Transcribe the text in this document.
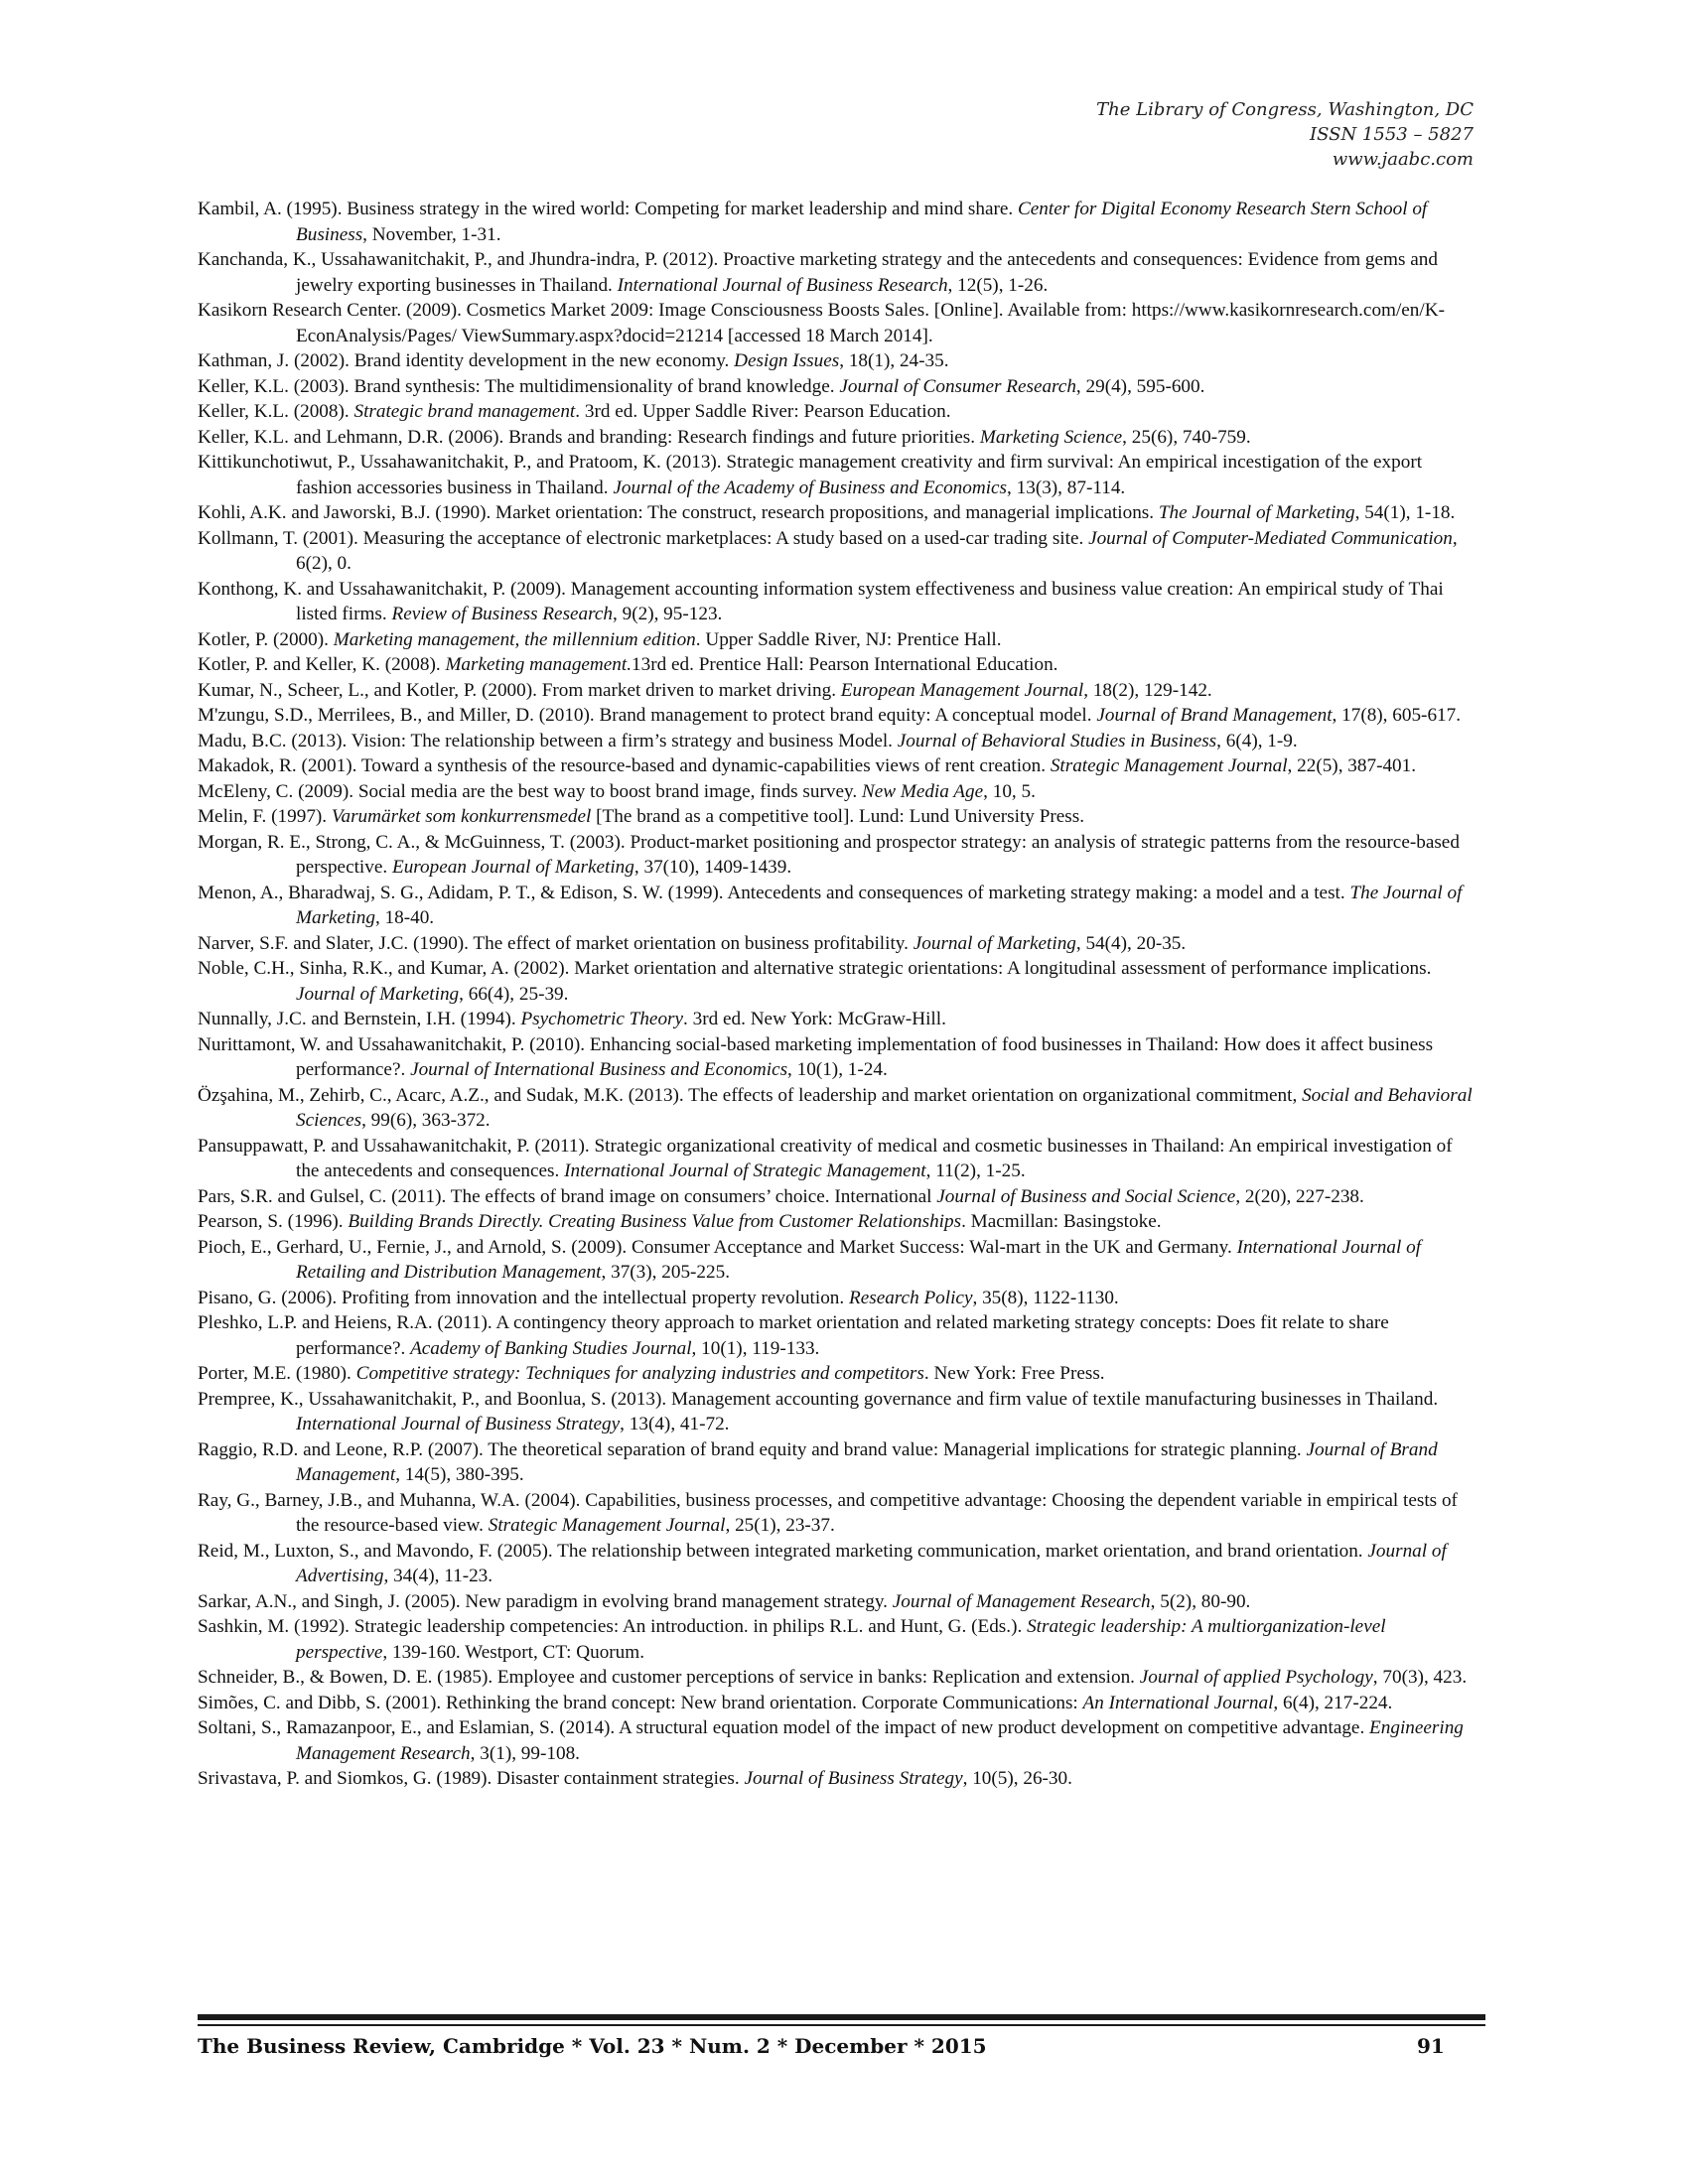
The Library of Congress, Washington, DC
ISSN 1553 – 5827
www.jaabc.com

Kambil, A. (1995). Business strategy in the wired world: Competing for market leadership and mind share. Center for Digital Economy Research Stern School of Business, November, 1-31.

Kanchanda, K., Ussahawanitchakit, P., and Jhundra-indra, P. (2012). Proactive marketing strategy and the antecedents and consequences: Evidence from gems and jewelry exporting businesses in Thailand. International Journal of Business Research, 12(5), 1-26.

Kasikorn Research Center. (2009). Cosmetics Market 2009: Image Consciousness Boosts Sales. [Online]. Available from: https://www.kasikornresearch.com/en/K-EconAnalysis/Pages/ ViewSummary.aspx?docid=21214 [accessed 18 March 2014].

Kathman, J. (2002). Brand identity development in the new economy. Design Issues, 18(1), 24-35.

Keller, K.L. (2003). Brand synthesis: The multidimensionality of brand knowledge. Journal of Consumer Research, 29(4), 595-600.

Keller, K.L. (2008). Strategic brand management. 3rd ed. Upper Saddle River: Pearson Education.

Keller, K.L. and Lehmann, D.R. (2006). Brands and branding: Research findings and future priorities. Marketing Science, 25(6), 740-759.

Kittikunchotiwut, P., Ussahawanitchakit, P., and Pratoom, K. (2013). Strategic management creativity and firm survival: An empirical incestigation of the export fashion accessories business in Thailand. Journal of the Academy of Business and Economics, 13(3), 87-114.

Kohli, A.K. and Jaworski, B.J. (1990). Market orientation: The construct, research propositions, and managerial implications. The Journal of Marketing, 54(1), 1-18.

Kollmann, T. (2001). Measuring the acceptance of electronic marketplaces: A study based on a used-car trading site. Journal of Computer-Mediated Communication, 6(2), 0.

Konthong, K. and Ussahawanitchakit, P. (2009). Management accounting information system effectiveness and business value creation: An empirical study of Thai listed firms. Review of Business Research, 9(2), 95-123.

Kotler, P. (2000). Marketing management, the millennium edition. Upper Saddle River, NJ: Prentice Hall.

Kotler, P. and Keller, K. (2008). Marketing management.13rd ed. Prentice Hall: Pearson International Education.

Kumar, N., Scheer, L., and Kotler, P. (2000). From market driven to market driving. European Management Journal, 18(2), 129-142.

M'zungu, S.D., Merrilees, B., and Miller, D. (2010). Brand management to protect brand equity: A conceptual model. Journal of Brand Management, 17(8), 605-617.

Madu, B.C. (2013). Vision: The relationship between a firm’s strategy and business Model. Journal of Behavioral Studies in Business, 6(4), 1-9.

Makadok, R. (2001). Toward a synthesis of the resource-based and dynamic-capabilities views of rent creation. Strategic Management Journal, 22(5), 387-401.

McEleny, C. (2009). Social media are the best way to boost brand image, finds survey. New Media Age, 10, 5.

Melin, F. (1997). Varumärket som konkurrensmedel [The brand as a competitive tool]. Lund: Lund University Press.

Morgan, R. E., Strong, C. A., & McGuinness, T. (2003). Product-market positioning and prospector strategy: an analysis of strategic patterns from the resource-based perspective. European Journal of Marketing, 37(10), 1409-1439.

Menon, A., Bharadwaj, S. G., Adidam, P. T., & Edison, S. W. (1999). Antecedents and consequences of marketing strategy making: a model and a test. The Journal of Marketing, 18-40.

Narver, S.F. and Slater, J.C. (1990). The effect of market orientation on business profitability. Journal of Marketing, 54(4), 20-35.

Noble, C.H., Sinha, R.K., and Kumar, A. (2002). Market orientation and alternative strategic orientations: A longitudinal assessment of performance implications. Journal of Marketing, 66(4), 25-39.

Nunnally, J.C. and Bernstein, I.H. (1994). Psychometric Theory. 3rd ed. New York: McGraw-Hill.

Nurittamont, W. and Ussahawanitchakit, P. (2010). Enhancing social-based marketing implementation of food businesses in Thailand: How does it affect business performance?. Journal of International Business and Economics, 10(1), 1-24.

Özşahina, M., Zehirb, C., Acarc, A.Z., and Sudak, M.K. (2013). The effects of leadership and market orientation on organizational commitment, Social and Behavioral Sciences, 99(6), 363-372.

Pansuppawatt, P. and Ussahawanitchakit, P. (2011). Strategic organizational creativity of medical and cosmetic businesses in Thailand: An empirical investigation of the antecedents and consequences. International Journal of Strategic Management, 11(2), 1-25.

Pars, S.R. and Gulsel, C. (2011). The effects of brand image on consumers’ choice. International Journal of Business and Social Science, 2(20), 227-238.

Pearson, S. (1996). Building Brands Directly. Creating Business Value from Customer Relationships. Macmillan: Basingstoke.

Pioch, E., Gerhard, U., Fernie, J., and Arnold, S. (2009). Consumer Acceptance and Market Success: Wal-mart in the UK and Germany. International Journal of Retailing and Distribution Management, 37(3), 205-225.

Pisano, G. (2006). Profiting from innovation and the intellectual property revolution. Research Policy, 35(8), 1122-1130.

Pleshko, L.P. and Heiens, R.A. (2011). A contingency theory approach to market orientation and related marketing strategy concepts: Does fit relate to share performance?. Academy of Banking Studies Journal, 10(1), 119-133.

Porter, M.E. (1980). Competitive strategy: Techniques for analyzing industries and competitors. New York: Free Press.

Prempree, K., Ussahawanitchakit, P., and Boonlua, S. (2013). Management accounting governance and firm value of textile manufacturing businesses in Thailand. International Journal of Business Strategy, 13(4), 41-72.

Raggio, R.D. and Leone, R.P. (2007). The theoretical separation of brand equity and brand value: Managerial implications for strategic planning. Journal of Brand Management, 14(5), 380-395.

Ray, G., Barney, J.B., and Muhanna, W.A. (2004). Capabilities, business processes, and competitive advantage: Choosing the dependent variable in empirical tests of the resource-based view. Strategic Management Journal, 25(1), 23-37.

Reid, M., Luxton, S., and Mavondo, F. (2005). The relationship between integrated marketing communication, market orientation, and brand orientation. Journal of Advertising, 34(4), 11-23.

Sarkar, A.N., and Singh, J. (2005). New paradigm in evolving brand management strategy. Journal of Management Research, 5(2), 80-90.

Sashkin, M. (1992). Strategic leadership competencies: An introduction. in philips R.L. and Hunt, G. (Eds.). Strategic leadership: A multiorganization-level perspective, 139-160. Westport, CT: Quorum.

Schneider, B., & Bowen, D. E. (1985). Employee and customer perceptions of service in banks: Replication and extension. Journal of applied Psychology, 70(3), 423.

Simões, C. and Dibb, S. (2001). Rethinking the brand concept: New brand orientation. Corporate Communications: An International Journal, 6(4), 217-224.

Soltani, S., Ramazanpoor, E., and Eslamian, S. (2014). A structural equation model of the impact of new product development on competitive advantage. Engineering Management Research, 3(1), 99-108.

Srivastava, P. and Siomkos, G. (1989). Disaster containment strategies. Journal of Business Strategy, 10(5), 26-30.

The Business Review, Cambridge * Vol. 23 * Num. 2 * December * 2015	91
